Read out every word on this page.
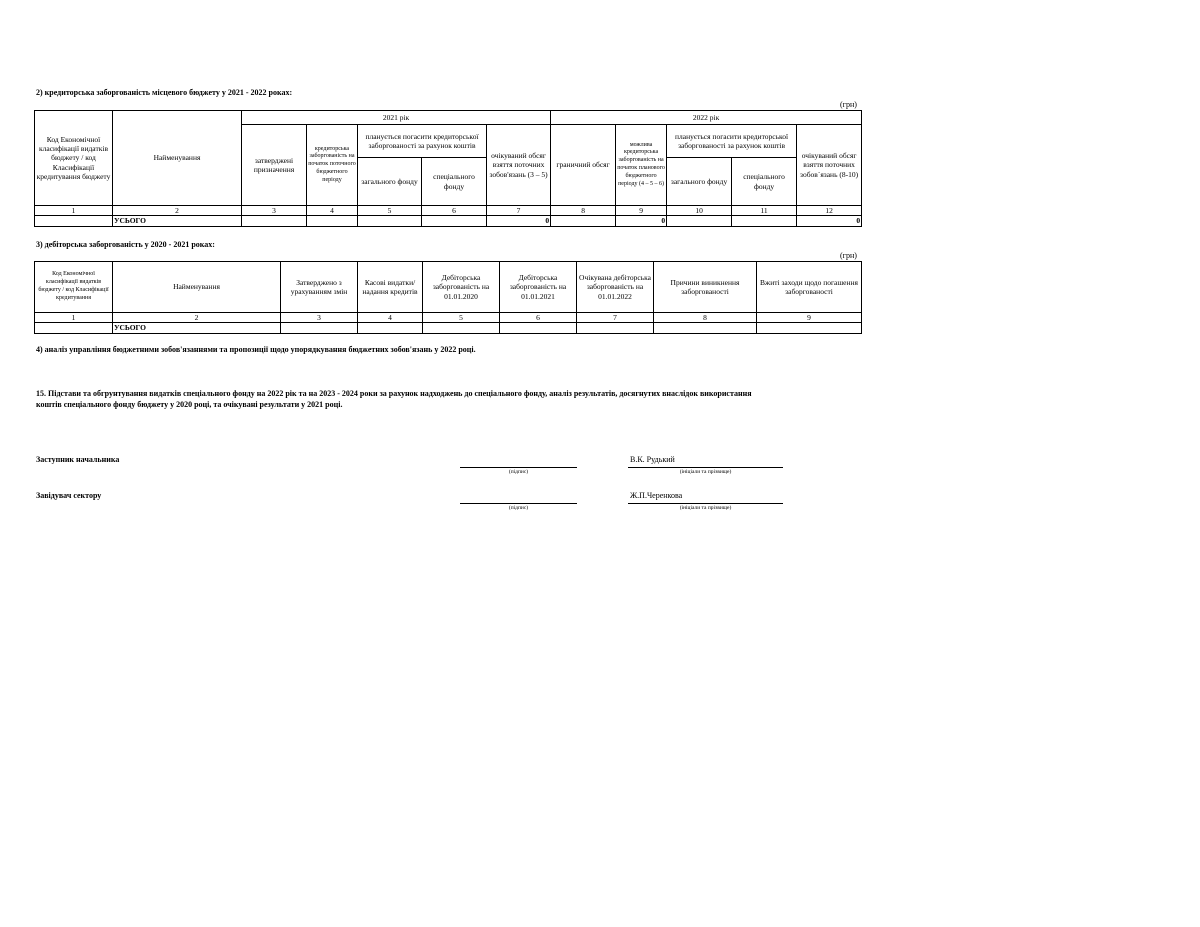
2) кредиторська заборгованість місцевого бюджету у 2021 - 2022 роках:
(грн)
Код Економічної класифікації видатків бюджету / код Класифікації кредитування бюджету	Найменування	2021 рік					2022 рік				
		затверджені призначення	кредиторська заборгованість на початок поточного бюджетного періоду	планується погасити кредиторської заборгованості за рахунок коштів		очікуваний обсяг взяття поточних зобов'язань (3 – 5)	граничний обсяг	можлива кредиторська заборгованість на початок планового бюджетного періоду (4 – 5 – 6)	планується погасити кредиторської заборгованості за рахунок коштів		очікуваний обсяг взяття поточних зобов`язань (8-10)
				загального фонду	спеціального фонду				загального фонду	спеціального фонду	
1	2	3	4	5	6	7	8	9	10	11	12
	УСЬОГО					0		0			0
3) дебіторська заборгованість у 2020 - 2021 роках:
(грн)
Код Економічної класифікації видатків бюджету / код Класифікації кредитування	Найменування	Затверджено з урахуванням змін	Касові видатки/ надання кредитів	Дебіторська заборгованість на 01.01.2020	Дебіторська заборгованість на 01.01.2021	Очікувана дебіторська заборгованість на 01.01.2022	Причини виникнення заборгованості	Вжиті заходи щодо погашення заборгованості
1	2	3	4	5	6	7	8	9
	УСЬОГО							
4) аналіз управління бюджетними зобов'язаннями та пропозиції щодо упорядкування бюджетних зобов'язань у 2022 році.
15. Підстави та обгрунтування видатків спеціального фонду на 2022 рік та на 2023 - 2024 роки за рахунок надходжень до спеціального фонду, аналіз результатів, досягнутих внаслідок використання коштів спеціального фонду бюджету у 2020 році, та очікувані результати у 2021 році.
Заступник начальника
(підпис)
В.К. Рудький
(ініціали та прізвище)
Завідувач сектору
(підпис)
Ж.П.Черенкова
(ініціали та прізвище)
